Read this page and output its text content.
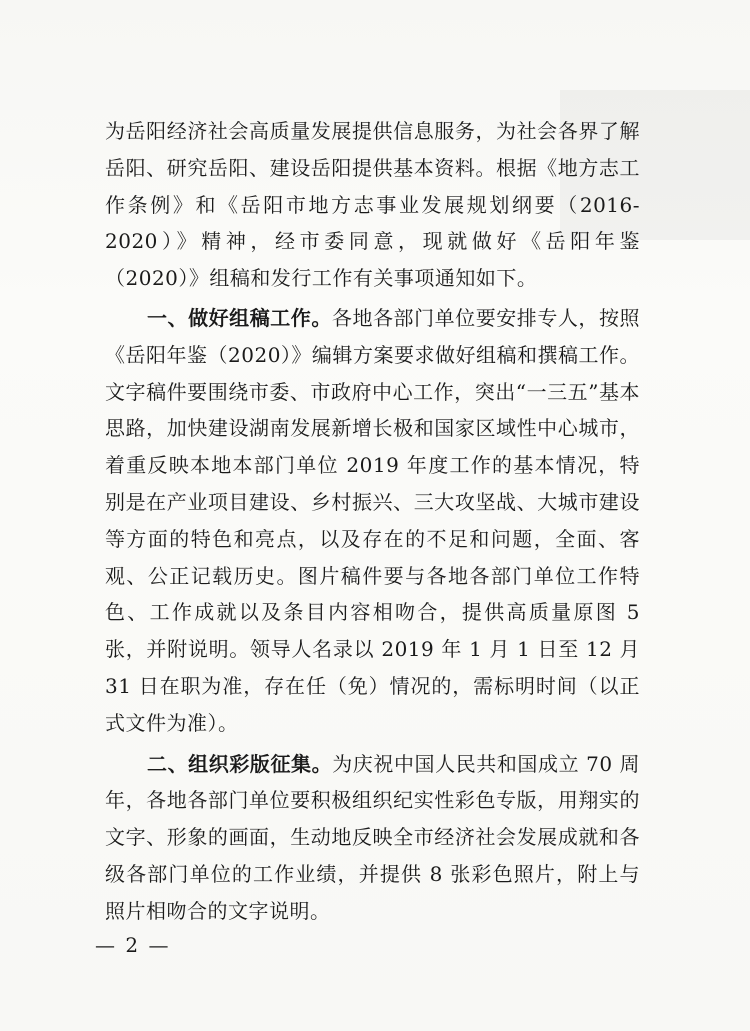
为岳阳经济社会高质量发展提供信息服务，为社会各界了解岳阳、研究岳阳、建设岳阳提供基本资料。根据《地方志工作条例》和《岳阳市地方志事业发展规划纲要（2016-2020）》精神，经市委同意，现就做好《岳阳年鉴（2020）》组稿和发行工作有关事项通知如下。

一、做好组稿工作。各地各部门单位要安排专人，按照《岳阳年鉴（2020）》编辑方案要求做好组稿和撰稿工作。文字稿件要围绕市委、市政府中心工作，突出“一三五”基本思路，加快建设湖南发展新增长极和国家区域性中心城市，着重反映本地本部门单位 2019 年度工作的基本情况，特别是在产业项目建设、乡村振兴、三大攻坚战、大城市建设等方面的特色和亮点，以及存在的不足和问题，全面、客观、公正记载历史。图片稿件要与各地各部门单位工作特色、工作成就以及条目内容相吻合，提供高质量原图 5 张，并附说明。领导人名录以 2019 年 1 月 1 日至 12 月 31 日在职为准，存在任（免）情况的，需标明时间（以正式文件为准）。

二、组织彩版征集。为庆祝中国人民共和国成立 70 周年，各地各部门单位要积极组织纪实性彩色专版，用翔实的文字、形象的画面，生动地反映全市经济社会发展成就和各级各部门单位的工作业绩，并提供 8 张彩色照片，附上与照片相吻合的文字说明。

— 2 —
